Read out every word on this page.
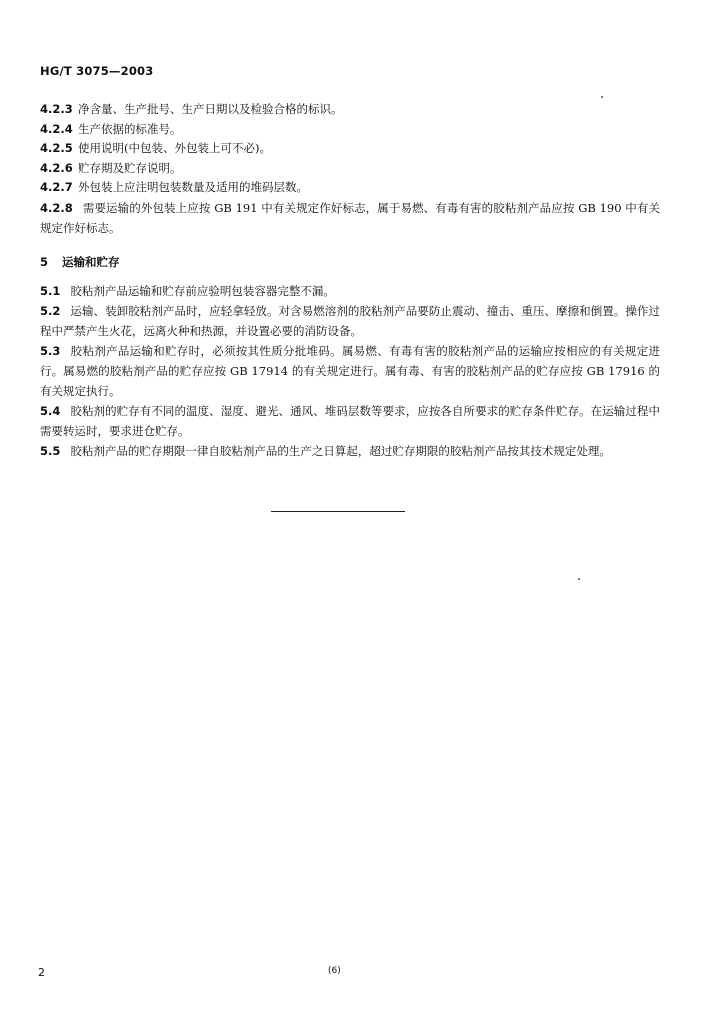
HG/T 3075—2003

4.2.3 净含量、生产批号、生产日期以及检验合格的标识。

4.2.4 生产依据的标准号。

4.2.5 使用说明(中包装、外包装上可不必)。

4.2.6 贮存期及贮存说明。

4.2.7 外包装上应注明包装数量及适用的堆码层数。

4.2.8 需要运输的外包装上应按 GB 191 中有关规定作好标志，属于易燃、有毒有害的胶粘剂产品应按 GB 190 中有关规定作好标志。

5 运输和贮存

5.1 胶粘剂产品运输和贮存前应验明包装容器完整不漏。

5.2 运输、装卸胶粘剂产品时，应轻拿轻放。对含易燃溶剂的胶粘剂产品要防止震动、撞击、重压、摩擦和倒置。操作过程中严禁产生火花，远离火种和热源，并设置必要的消防设备。

5.3 胶粘剂产品运输和贮存时，必须按其性质分批堆码。属易燃、有毒有害的胶粘剂产品的运输应按相应的有关规定进行。属易燃的胶粘剂产品的贮存应按 GB 17914 的有关规定进行。属有毒、有害的胶粘剂产品的贮存应按 GB 17916 的有关规定执行。

5.4 胶粘剂的贮存有不同的温度、湿度、避光、通风、堆码层数等要求，应按各自所要求的贮存条件贮存。在运输过程中需要转运时，要求进仓贮存。

5.5 胶粘剂产品的贮存期限一律自胶粘剂产品的生产之日算起，超过贮存期限的胶粘剂产品按其技术规定处理。

2	(6)
